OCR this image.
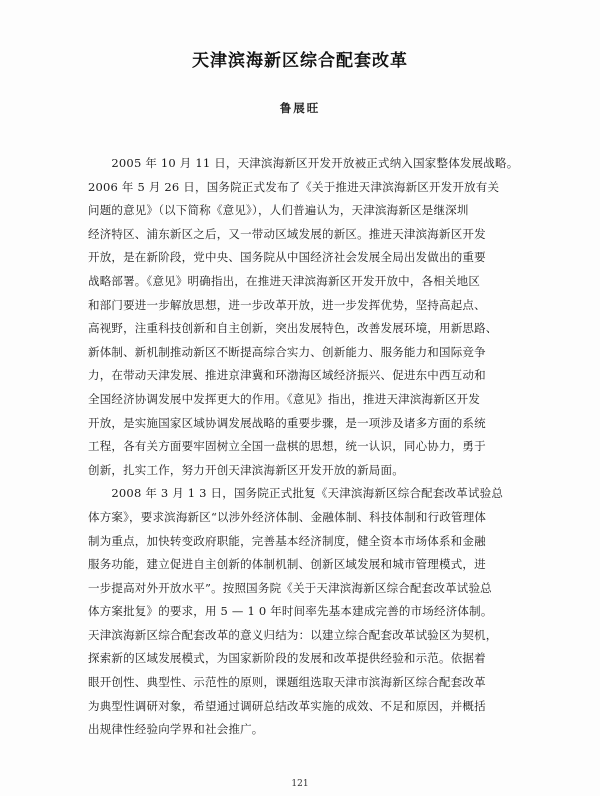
天津滨海新区综合配套改革
鲁展旺
　　2005 年 10 月 11 日，天津滨海新区开发开放被正式纳入国家整体发展战略。
2006 年 5 月 26 日，国务院正式发布了《关于推进天津滨海新区开发开放有关
问题的意见》（以下简称《意见》），人们普遍认为，天津滨海新区是继深圳
经济特区、浦东新区之后，又一带动区域发展的新区。推进天津滨海新区开发
开放，是在新阶段，党中央、国务院从中国经济社会发展全局出发做出的重要
战略部署。《意见》明确指出，在推进天津滨海新区开发开放中，各相关地区
和部门要进一步解放思想，进一步改革开放，进一步发挥优势，坚持高起点、
高视野，注重科技创新和自主创新，突出发展特色，改善发展环境，用新思路、
新体制、新机制推动新区不断提高综合实力、创新能力、服务能力和国际竞争
力，在带动天津发展、推进京津冀和环渤海区域经济振兴、促进东中西互动和
全国经济协调发展中发挥更大的作用。《意见》指出，推进天津滨海新区开发
开放，是实施国家区域协调发展战略的重要步骤，是一项涉及诸多方面的系统
工程，各有关方面要牢固树立全国一盘棋的思想，统一认识，同心协力，勇于
创新，扎实工作，努力开创天津滨海新区开发开放的新局面。
　　2008 年 3 月 1 3 日，国务院正式批复《天津滨海新区综合配套改革试验总
体方案》，要求滨海新区“以涉外经济体制、金融体制、科技体制和行政管理体
制为重点，加快转变政府职能，完善基本经济制度，健全资本市场体系和金融
服务功能，建立促进自主创新的体制机制、创新区域发展和城市管理模式，进
一步提高对外开放水平”。按照国务院《关于天津滨海新区综合配套改革试验总
体方案批复》的要求，用 5 — 1 0 年时间率先基本建成完善的市场经济体制。
天津滨海新区综合配套改革的意义归结为：以建立综合配套改革试验区为契机，
探索新的区域发展模式，为国家新阶段的发展和改革提供经验和示范。依据着
眼开创性、典型性、示范性的原则，课题组选取天津市滨海新区综合配套改革
为典型性调研对象，希望通过调研总结改革实施的成效、不足和原因，并概括
出规律性经验向学界和社会推广。
121
